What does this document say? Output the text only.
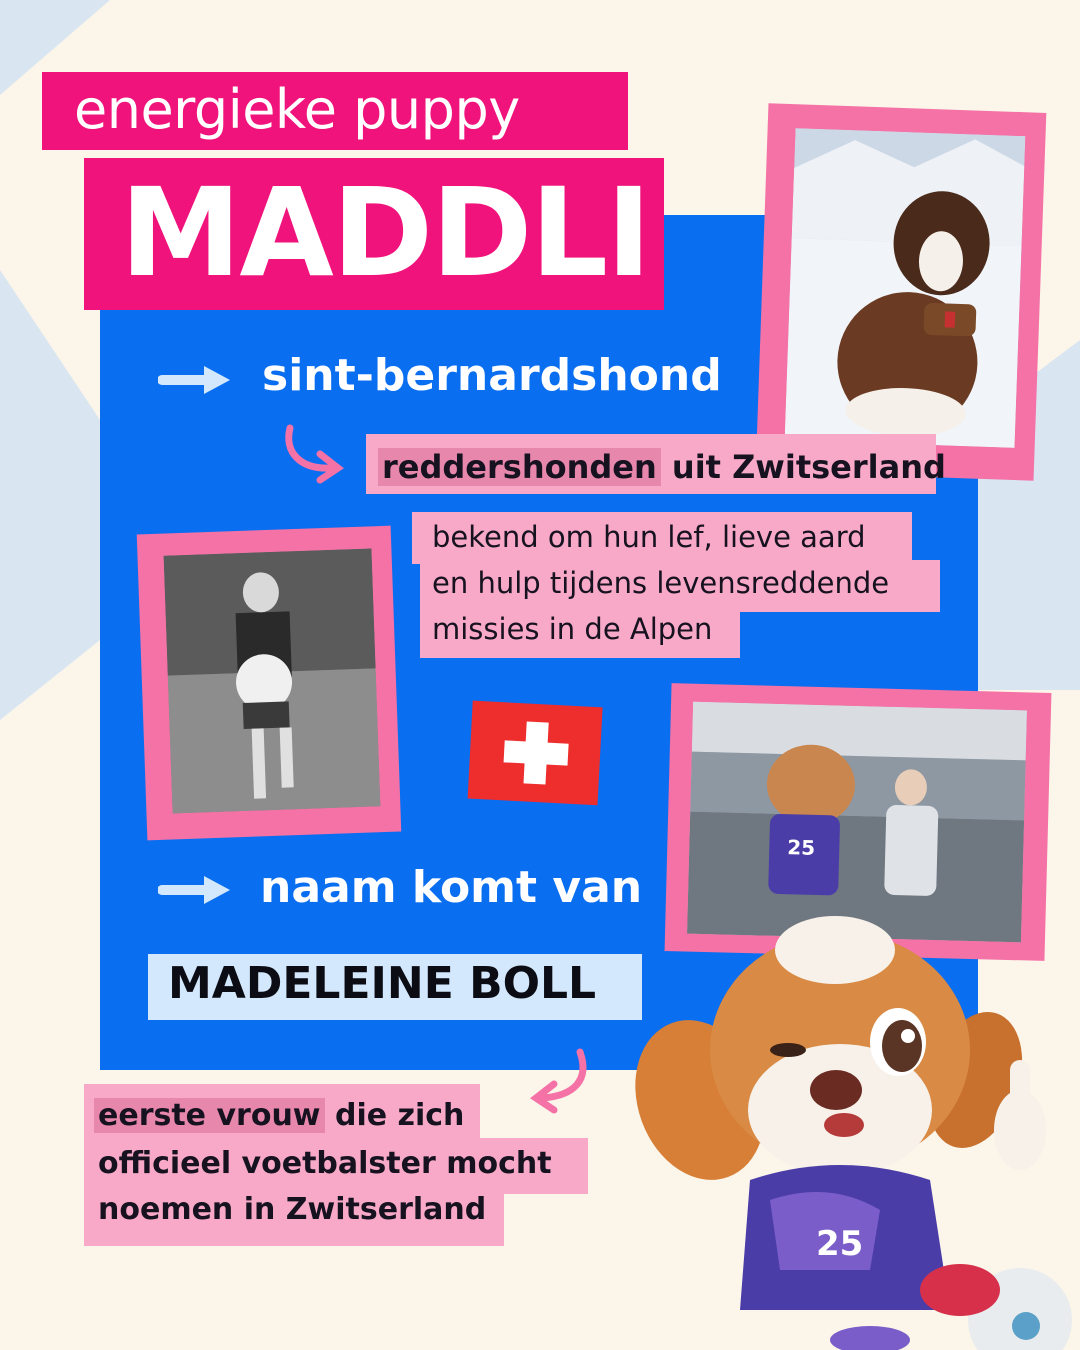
energieke puppy
MADDLI
sint-bernardshond
reddershonden uit Zwitserland
bekend om hun lef, lieve aard
en hulp tijdens levensreddende
missies in de Alpen
25
naam komt van
MADELEINE BOLL
eerste vrouw die zich
officieel voetbalster mocht
noemen in Zwitserland
25
